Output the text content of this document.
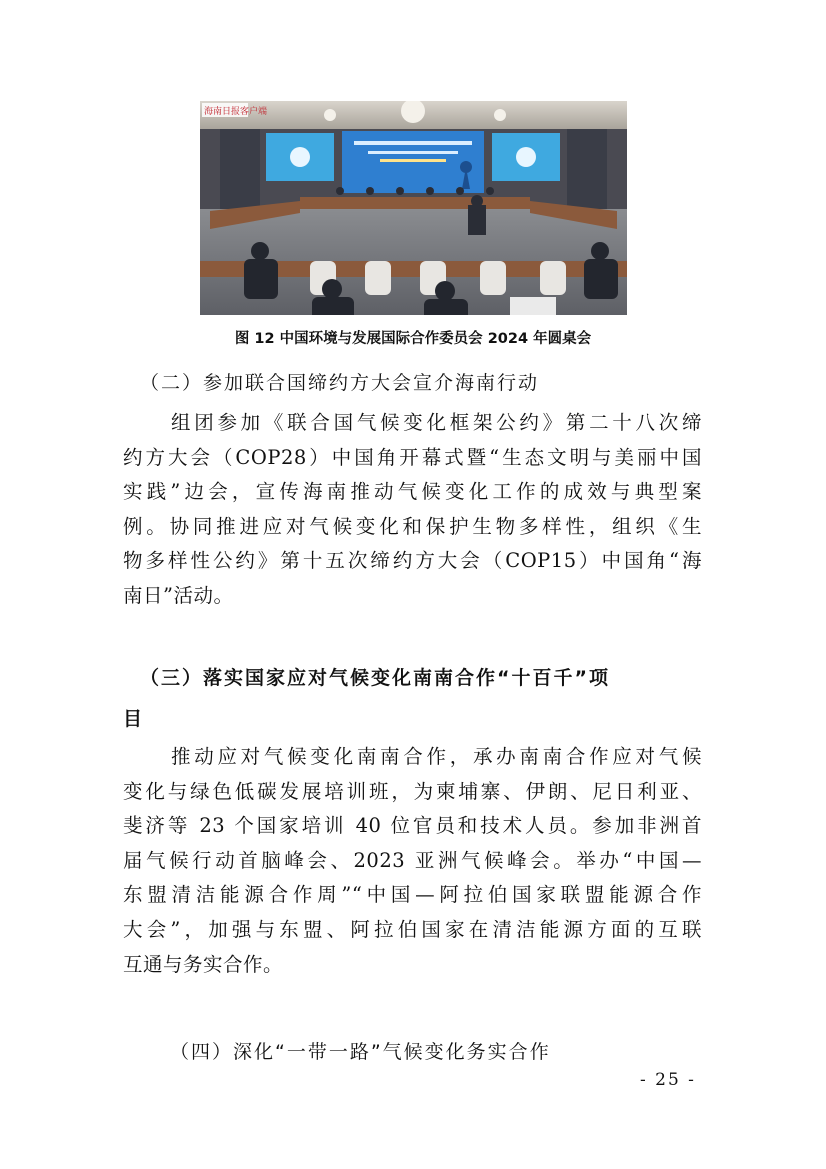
海南日报客户端
图 12 中国环境与发展国际合作委员会 2024 年圆桌会
（二）参加联合国缔约方大会宣介海南行动
组团参加《联合国气候变化框架公约》第二十八次缔
约方大会（COP28）中国角开幕式暨“生态文明与美丽中国
实践”边会，宣传海南推动气候变化工作的成效与典型案
例。协同推进应对气候变化和保护生物多样性，组织《生
物多样性公约》第十五次缔约方大会（COP15）中国角“海
南日”活动。
（三）落实国家应对气候变化南南合作“十百千”项
目
推动应对气候变化南南合作，承办南南合作应对气候
变化与绿色低碳发展培训班，为柬埔寨、伊朗、尼日利亚、
斐济等 23 个国家培训 40 位官员和技术人员。参加非洲首
届气候行动首脑峰会、2023 亚洲气候峰会。举办“中国—
东盟清洁能源合作周”“中国—阿拉伯国家联盟能源合作
大会”，加强与东盟、阿拉伯国家在清洁能源方面的互联
互通与务实合作。
（四）深化“一带一路”气候变化务实合作
- 25 -
